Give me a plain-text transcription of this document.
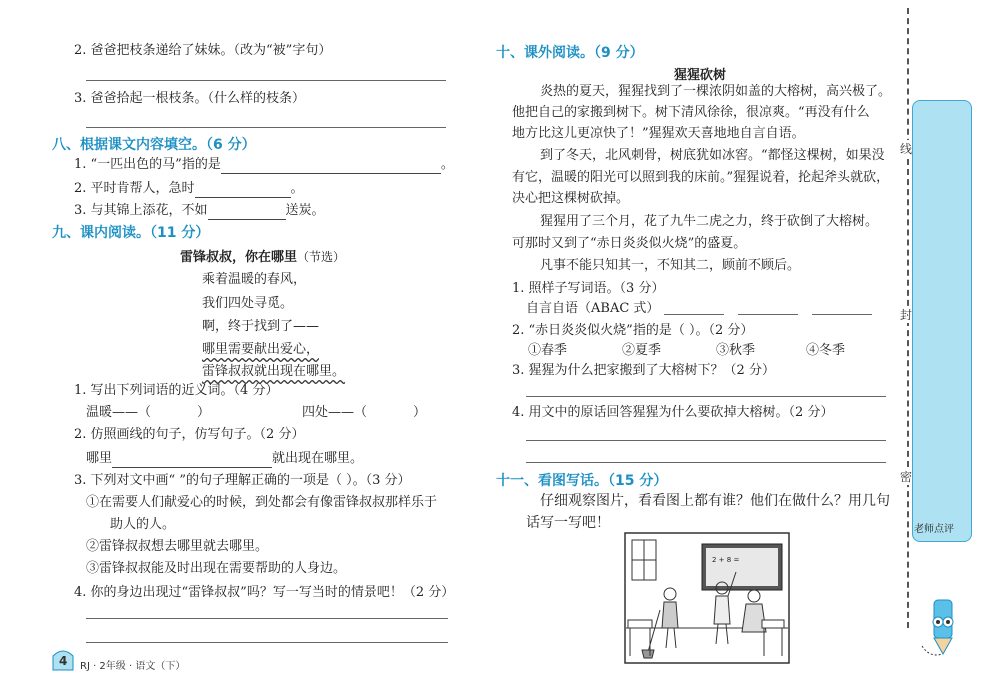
2. 爸爸把枝条递给了妹妹。（改为“被”字句）
3. 爸爸拾起一根枝条。（什么样的枝条）
八、根据课文内容填空。（6 分）
1. “一匹出色的马”指的是	。
2. 平时肯帮人，急时	。
3. 与其锦上添花，不如	送炭。
九、课内阅读。（11 分）
雷锋叔叔，你在哪里（节选）
乘着温暖的春风，
我们四处寻觅。
啊，终于找到了——
哪里需要献出爱心，
雷锋叔叔就出现在哪里。
1. 写出下列词语的近义词。（4 分）
温暖——（	）	四处——（	）
2. 仿照画线的句子，仿写句子。（2 分）
哪里	就出现在哪里。
3. 下列对文中画“ ”的句子理解正确的一项是（ ）。（3 分）
①在需要人们献爱心的时候，到处都会有像雷锋叔叔那样乐于
助人的人。
②雷锋叔叔想去哪里就去哪里。
③雷锋叔叔能及时出现在需要帮助的人身边。
4. 你的身边出现过“雷锋叔叔”吗？写一写当时的情景吧！（2 分）
4 RJ · 2年级 · 语文（下）
十、课外阅读。（9 分）
猩猩砍树
炎热的夏天，猩猩找到了一棵浓阴如盖的大榕树，高兴极了。
他把自己的家搬到树下。树下清风徐徐，很凉爽。“再没有什么
地方比这儿更凉快了！”猩猩欢天喜地地自言自语。
到了冬天，北风刺骨，树底犹如冰窖。“都怪这棵树，如果没
有它，温暖的阳光可以照到我的床前。”猩猩说着，抡起斧头就砍，
决心把这棵树砍掉。
猩猩用了三个月，花了九牛二虎之力，终于砍倒了大榕树。
可那时又到了“赤日炎炎似火烧”的盛夏。
凡事不能只知其一，不知其二，顾前不顾后。
1. 照样子写词语。（3 分）
自言自语（ABAC 式）
2. “赤日炎炎似火烧”指的是（ ）。（2 分）
①春季	②夏季	③秋季	④冬季
3. 猩猩为什么把家搬到了大榕树下？（2 分）
4. 用文中的原话回答猩猩为什么要砍掉大榕树。（2 分）
十一、看图写话。（15 分）
仔细观察图片，看看图上都有谁？他们在做什么？用几句
话写一写吧！
2 + 8 =
线
封
密
老师点评
